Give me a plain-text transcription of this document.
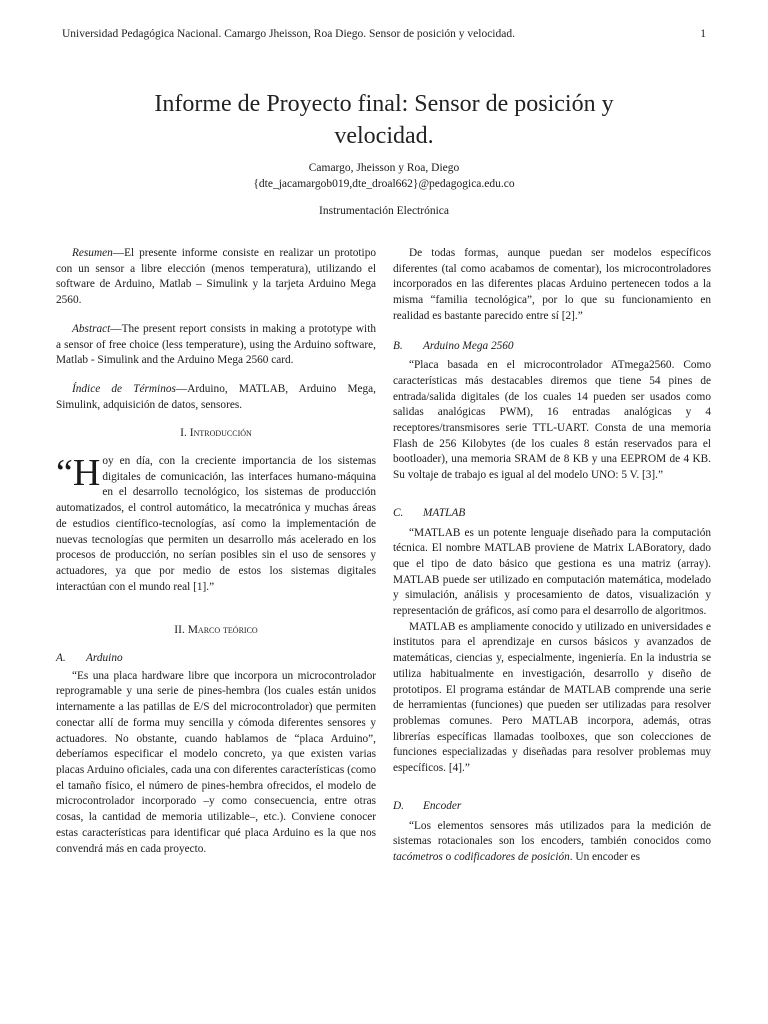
Universidad Pedagógica Nacional. Camargo Jheisson, Roa Diego. Sensor de posición y velocidad.	1
Informe de Proyecto final: Sensor de posición y
velocidad.
Camargo, Jheisson y Roa, Diego
{dte_jacamargob019,dte_droal662}@pedagogica.edu.co
Instrumentación Electrónica

Resumen—El presente informe consiste en realizar un prototipo con un sensor a libre elección (menos temperatura), utilizando el software de Arduino, Matlab – Simulink y la tarjeta Arduino Mega 2560.

Abstract—The present report consists in making a prototype with a sensor of free choice (less temperature), using the Arduino software, Matlab - Simulink and the Arduino Mega 2560 card.

Índice de Términos—Arduino, MATLAB, Arduino Mega, Simulink, adquisición de datos, sensores.

I. Introducción

“Hoy en día, con la creciente importancia de los sistemas digitales de comunicación, las interfaces humano-máquina en el desarrollo tecnológico, los sistemas de producción automatizados, el control automático, la mecatrónica y muchas áreas de estudios científico-tecnologías, así como la implementación de nuevas tecnologías que permiten un desarrollo más acelerado en los procesos de producción, no serían posibles sin el uso de sensores y actuadores, ya que por medio de estos los sistemas digitales interactúan con el mundo real [1].”

II. Marco teórico
A. Arduino

“Es una placa hardware libre que incorpora un microcontrolador reprogramable y una serie de pines-hembra (los cuales están unidos internamente a las patillas de E/S del microcontrolador) que permiten conectar allí de forma muy sencilla y cómoda diferentes sensores y actuadores. No obstante, cuando hablamos de “placa Arduino”, deberíamos especificar el modelo concreto, ya que existen varias placas Arduino oficiales, cada una con diferentes características (como el tamaño físico, el número de pines-hembra ofrecidos, el modelo de microcontrolador incorporado –y como consecuencia, entre otras cosas, la cantidad de memoria utilizable–, etc.). Conviene conocer estas características para identificar qué placa Arduino es la que nos convendrá más en cada proyecto.

De todas formas, aunque puedan ser modelos específicos diferentes (tal como acabamos de comentar), los microcontroladores incorporados en las diferentes placas Arduino pertenecen todos a la misma “familia tecnológica”, por lo que su funcionamiento en realidad es bastante parecido entre sí [2].”

B. Arduino Mega 2560

“Placa basada en el microcontrolador ATmega2560. Como características más destacables diremos que tiene 54 pines de entrada/salida digitales (de los cuales 14 pueden ser usados como salidas analógicas PWM), 16 entradas analógicas y 4 receptores/transmisores serie TTL-UART. Consta de una memoria Flash de 256 Kilobytes (de los cuales 8 están reservados para el bootloader), una memoria SRAM de 8 KB y una EEPROM de 4 KB. Su voltaje de trabajo es igual al del modelo UNO: 5 V. [3].”

C. MATLAB

“MATLAB es un potente lenguaje diseñado para la computación técnica. El nombre MATLAB proviene de Matrix LABoratory, dado que el tipo de dato básico que gestiona es una matriz (array). MATLAB puede ser utilizado en computación matemática, modelado y simulación, análisis y procesamiento de datos, visualización y representación de gráficos, así como para el desarrollo de algoritmos.

MATLAB es ampliamente conocido y utilizado en universidades e institutos para el aprendizaje en cursos básicos y avanzados de matemáticas, ciencias y, especialmente, ingeniería. En la industria se utiliza habitualmente en investigación, desarrollo y diseño de prototipos. El programa estándar de MATLAB comprende una serie de herramientas (funciones) que pueden ser utilizadas para resolver problemas comunes. Pero MATLAB incorpora, además, otras librerías específicas llamadas toolboxes, que son colecciones de funciones especializadas y diseñadas para resolver problemas muy específicos. [4].”

D. Encoder

“Los elementos sensores más utilizados para la medición de sistemas rotacionales son los encoders, también conocidos como tacómetros o codificadores de posición. Un encoder es
